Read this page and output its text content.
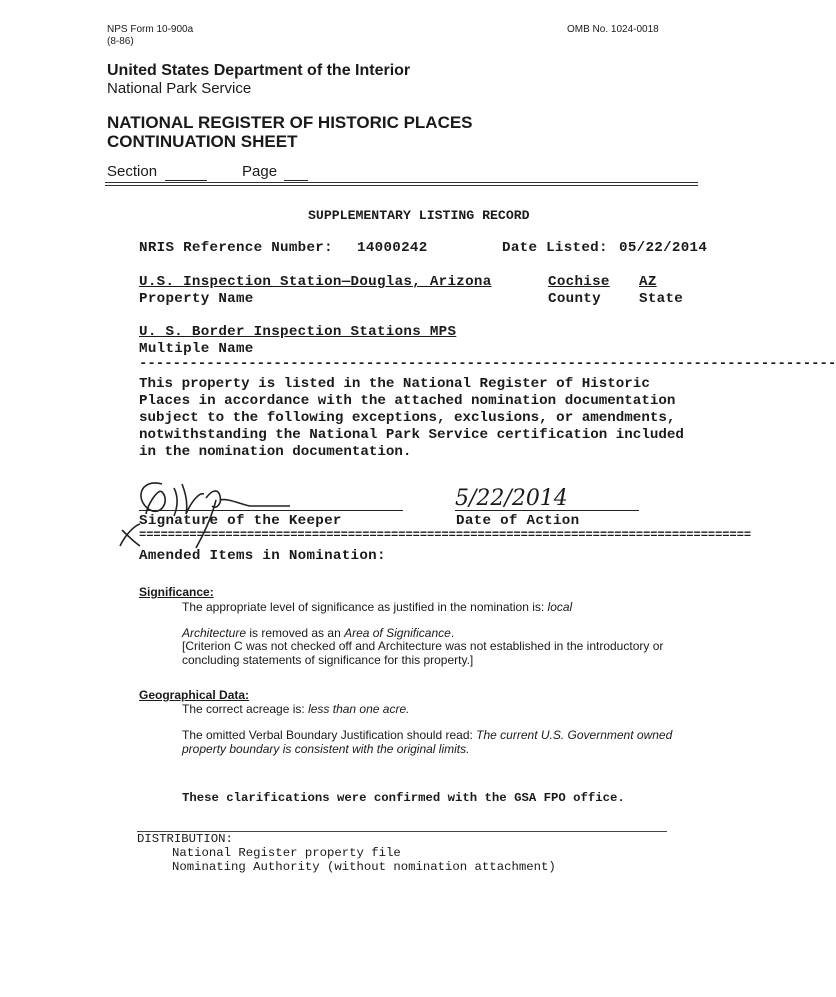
NPS Form 10-900a
(8-86)
OMB No. 1024-0018
United States Department of the Interior
National Park Service
NATIONAL REGISTER OF HISTORIC PLACES
CONTINUATION SHEET
Section	Page
SUPPLEMENTARY LISTING RECORD
NRIS Reference Number: 14000242	Date Listed: 05/22/2014
U.S. Inspection Station—Douglas, Arizona
Property Name
Cochise
County
AZ
State
U. S. Border Inspection Stations MPS
Multiple Name
-----------------------------------------------------------------------------------
This property is listed in the National Register of Historic
Places in accordance with the attached nomination documentation
subject to the following exceptions, exclusions, or amendments,
notwithstanding the National Park Service certification included
in the nomination documentation.
Signature of the Keeper
5/22/2014
Date of Action
=====================================================================================
Amended Items in Nomination:
Significance:
The appropriate level of significance as justified in the nomination is: local
Architecture is removed as an Area of Significance.
[Criterion C was not checked off and Architecture was not established in the introductory or concluding statements of significance for this property.]
Geographical Data:
The correct acreage is: less than one acre.
The omitted Verbal Boundary Justification should read: The current U.S. Government owned property boundary is consistent with the original limits.
These clarifications were confirmed with the GSA FPO office.
DISTRIBUTION:
National Register property file
Nominating Authority (without nomination attachment)
